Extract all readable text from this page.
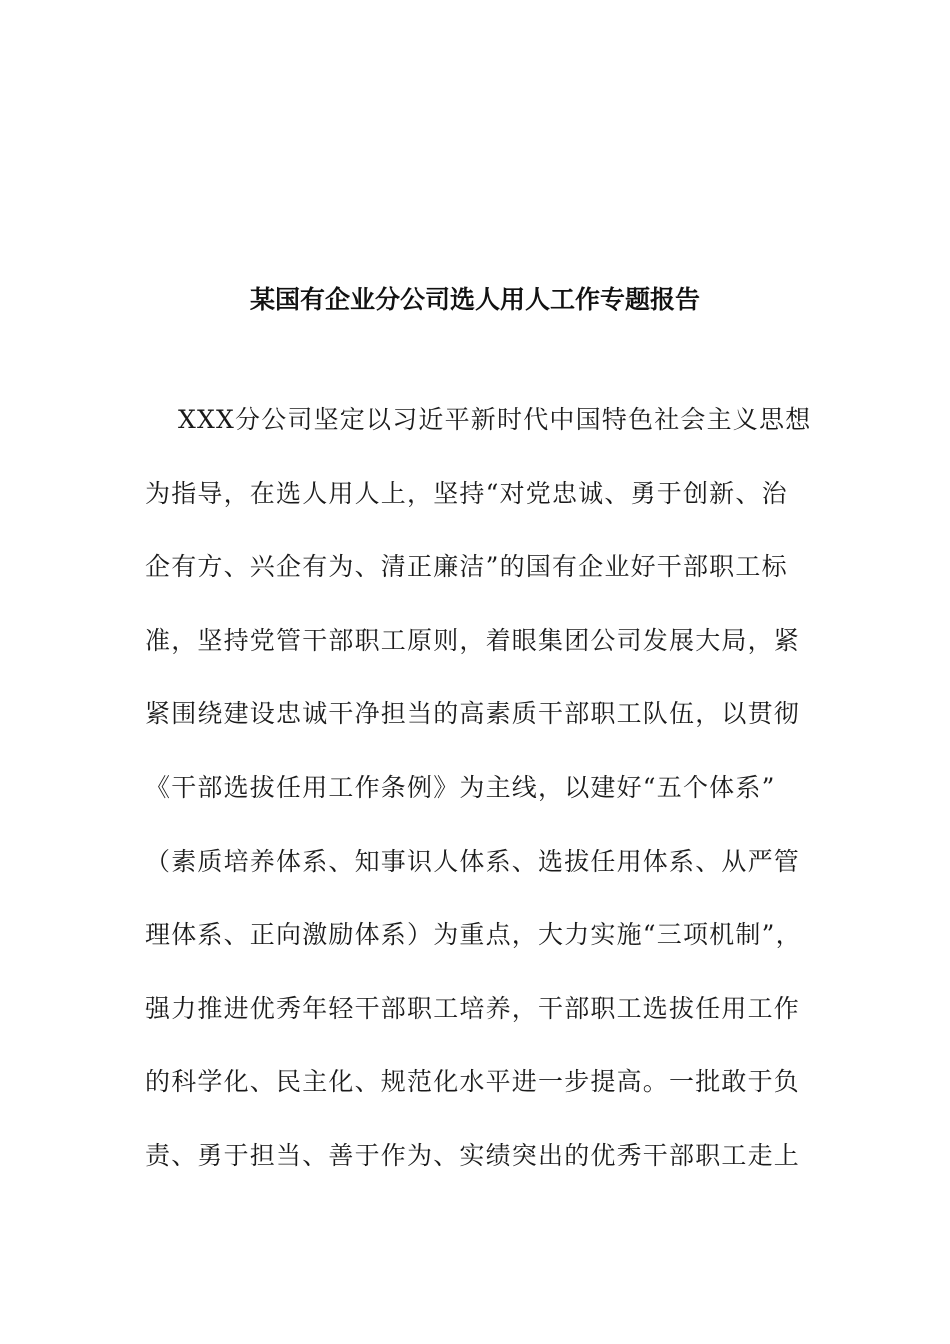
某国有企业分公司选人用人工作专题报告
XXX分公司坚定以习近平新时代中国特色社会主义思想
为指导，在选人用人上，坚持“对党忠诚、勇于创新、治
企有方、兴企有为、清正廉洁”的国有企业好干部职工标
准，坚持党管干部职工原则，着眼集团公司发展大局，紧
紧围绕建设忠诚干净担当的高素质干部职工队伍，以贯彻
《干部选拔任用工作条例》为主线，以建好“五个体系”
（素质培养体系、知事识人体系、选拔任用体系、从严管
理体系、正向激励体系）为重点，大力实施“三项机制”，
强力推进优秀年轻干部职工培养，干部职工选拔任用工作
的科学化、民主化、规范化水平进一步提高。一批敢于负
责、勇于担当、善于作为、实绩突出的优秀干部职工走上
